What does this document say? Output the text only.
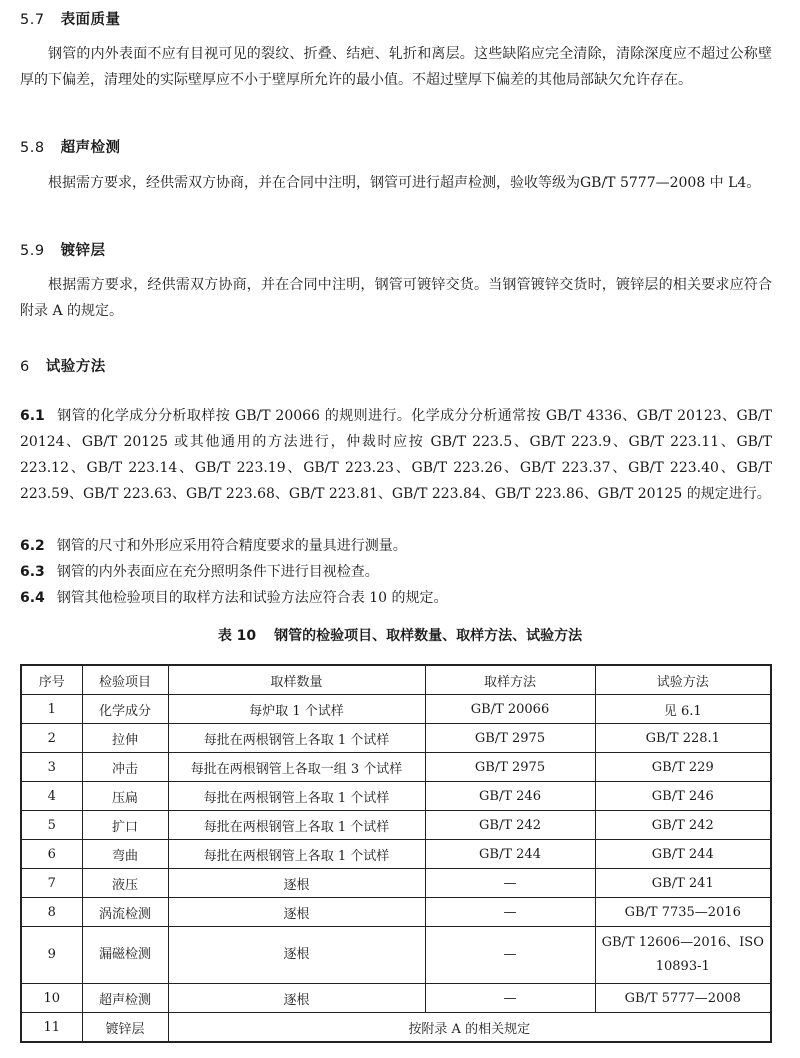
5.7 表面质量
钢管的内外表面不应有目视可见的裂纹、折叠、结疤、轧折和离层。这些缺陷应完全清除，清除深度应不超过公称壁厚的下偏差，清理处的实际壁厚应不小于壁厚所允许的最小值。不超过壁厚下偏差的其他局部缺欠允许存在。
5.8 超声检测
根据需方要求，经供需双方协商，并在合同中注明，钢管可进行超声检测，验收等级为GB/T 5777—2008 中 L4。
5.9 镀锌层
根据需方要求，经供需双方协商，并在合同中注明，钢管可镀锌交货。当钢管镀锌交货时，镀锌层的相关要求应符合附录 A 的规定。
6 试验方法
6.1 钢管的化学成分分析取样按 GB/T 20066 的规则进行。化学成分分析通常按 GB/T 4336、GB/T 20123、GB/T 20124、GB/T 20125 或其他通用的方法进行，仲裁时应按 GB/T 223.5、GB/T 223.9、GB/T 223.11、GB/T 223.12、GB/T 223.14、GB/T 223.19、GB/T 223.23、GB/T 223.26、GB/T 223.37、GB/T 223.40、GB/T 223.59、GB/T 223.63、GB/T 223.68、GB/T 223.81、GB/T 223.84、GB/T 223.86、GB/T 20125 的规定进行。
6.2 钢管的尺寸和外形应采用符合精度要求的量具进行测量。
6.3 钢管的内外表面应在充分照明条件下进行目视检查。
6.4 钢管其他检验项目的取样方法和试验方法应符合表 10 的规定。
表 10 钢管的检验项目、取样数量、取样方法、试验方法
序号	检验项目	取样数量	取样方法	试验方法
1	化学成分	每炉取 1 个试样	GB/T 20066	见 6.1
2	拉伸	每批在两根钢管上各取 1 个试样	GB/T 2975	GB/T 228.1
3	冲击	每批在两根钢管上各取一组 3 个试样	GB/T 2975	GB/T 229
4	压扁	每批在两根钢管上各取 1 个试样	GB/T 246	GB/T 246
5	扩口	每批在两根钢管上各取 1 个试样	GB/T 242	GB/T 242
6	弯曲	每批在两根钢管上各取 1 个试样	GB/T 244	GB/T 244
7	液压	逐根	—	GB/T 241
8	涡流检测	逐根	—	GB/T 7735—2016
9	漏磁检测	逐根	—	GB/T 12606—2016、ISO 10893-1
10	超声检测	逐根	—	GB/T 5777—2008
11	镀锌层	按附录 A 的相关规定		
